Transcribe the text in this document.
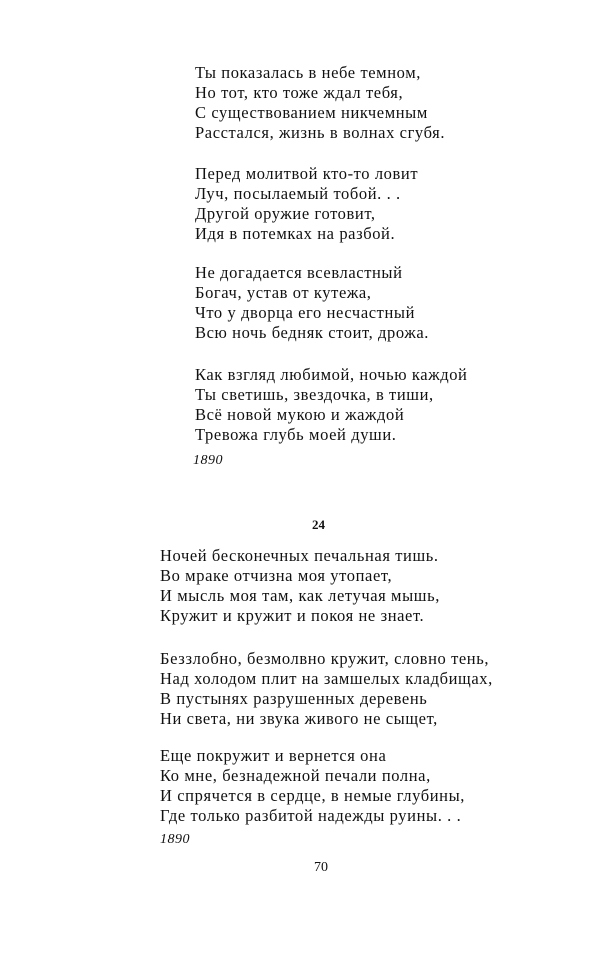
Ты показалась в небе темном,
Но тот, кто тоже ждал тебя,
С существованием никчемным
Расстался, жизнь в волнах сгубя.
Перед молитвой кто-то ловит
Луч, посылаемый тобой. . .
Другой оружие готовит,
Идя в потемках на разбой.
Не догадается всевластный
Богач, устав от кутежа,
Что у дворца его несчастный
Всю ночь бедняк стоит, дрожа.
Как взгляд любимой, ночью каждой
Ты светишь, звездочка, в тиши,
Всё новой мукою и жаждой
Тревожа глубь моей души.
1890
24
Ночей бесконечных печальная тишь.
Во мраке отчизна моя утопает,
И мысль моя там, как летучая мышь,
Кружит и кружит и покоя не знает.
Беззлобно, безмолвно кружит, словно тень,
Над холодом плит на замшелых кладбищах,
В пустынях разрушенных деревень
Ни света, ни звука живого не сыщет,
Еще покружит и вернется она
Ко мне, безнадежной печали полна,
И спрячется в сердце, в немые глубины,
Где только разбитой надежды руины. . .
1890
70
